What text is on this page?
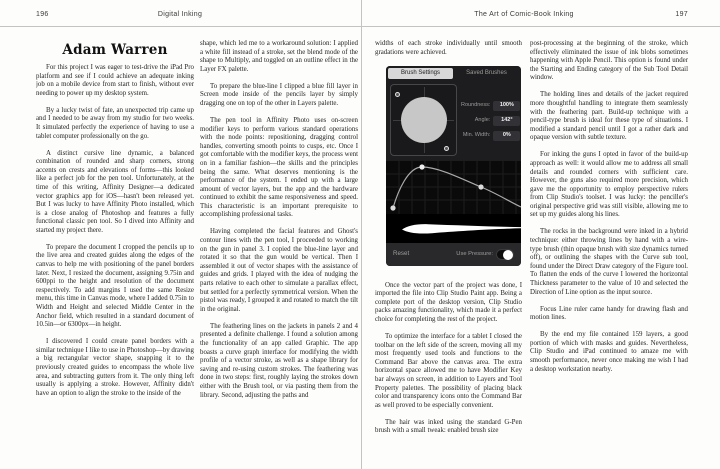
196	Digital Inking	The Art of Comic-Book Inking	197
Adam Warren

For this project I was eager to test-drive the iPad Pro platform and see if I could achieve an adequate inking job on a mobile device from start to finish, without ever needing to power up my desktop system.

By a lucky twist of fate, an unexpected trip came up and I needed to be away from my studio for two weeks. It simulated perfectly the experience of having to use a tablet computer professionally on the go.

A distinct cursive line dynamic, a balanced combination of rounded and sharp corners, strong accents on crests and elevations of forms—this looked like a perfect job for the pen tool. Unfortunately, at the time of this writing, Affinity Designer—a dedicated vector graphics app for iOS—hasn't been released yet. But I was lucky to have Affinity Photo installed, which is a close analog of Photoshop and features a fully functional classic pen tool. So I dived into Affinity and started my project there.

To prepare the document I cropped the pencils up to the live area and created guides along the edges of the canvas to help me with positioning of the panel borders later. Next, I resized the document, assigning 9.75in and 600ppi to the height and resolution of the document respectively. To add margins I used the same Resize menu, this time in Canvas mode, where I added 0.75in to Width and Height and selected Middle Center in the Anchor field, which resulted in a standard document of 10.5in—or 6300px—in height.

I discovered I could create panel borders with a similar technique I like to use in Photoshop—by drawing a big rectangular vector shape, snapping it to the previously created guides to encompass the whole live area, and subtracting gutters from it. The only thing left usually is applying a stroke. However, Affinity didn't have an option to align the stroke to the inside of the

shape, which led me to a workaround solution: I applied a white fill instead of a stroke, set the blend mode of the shape to Multiply, and toggled on an outline effect in the Layer FX palette.

To prepare the blue-line I clipped a blue fill layer in Screen mode inside of the pencils layer by simply dragging one on top of the other in Layers palette.

The pen tool in Affinity Photo uses on-screen modifier keys to perform various standard operations with the node points: repositioning, dragging control handles, converting smooth points to cusps, etc. Once I got comfortable with the modifier keys, the process went on in a familiar fashion—the skills and the principles being the same. What deserves mentioning is the performance of the system. I ended up with a large amount of vector layers, but the app and the hardware continued to exhibit the same responsiveness and speed. This characteristic is an important prerequisite to accomplishing professional tasks.

Having completed the facial features and Ghost's contour lines with the pen tool, I proceeded to working on the gun in panel 3. I copied the blue-line layer and rotated it so that the gun would be vertical. Then I assembled it out of vector shapes with the assistance of guides and grids. I played with the idea of nudging the parts relative to each other to simulate a parallax effect, but settled for a perfectly symmetrical version. When the pistol was ready, I grouped it and rotated to match the tilt in the original.

The feathering lines on the jackets in panels 2 and 4 presented a definite challenge. I found a solution among the functionality of an app called Graphic. The app boasts a curve graph interface for modifying the width profile of a vector stroke, as well as a shape library for saving and re-using custom strokes. The feathering was done in two steps: first, roughly laying the strokes down either with the Brush tool, or via pasting them from the library. Second, adjusting the paths and

widths of each stroke individually until smooth gradations were achieved.

Brush Settings	Saved Brushes
Roundness:	100%
Angle:	142°
Min. Width:	0%
Reset	Use Pressure:

Once the vector part of the project was done, I imported the file into Clip Studio Paint app. Being a complete port of the desktop version, Clip Studio packs amazing functionality, which made it a perfect choice for completing the rest of the project.

To optimize the interface for a tablet I closed the toolbar on the left side of the screen, moving all my most frequently used tools and functions to the Command Bar above the canvas area. The extra horizontal space allowed me to have Modifier Key bar always on screen, in addition to Layers and Tool Property palettes. The possibility of placing black color and transparency icons onto the Command Bar as well proved to be especially convenient.

The hair was inked using the standard G-Pen brush with a small tweak: enabled brush size

post-processing at the beginning of the stroke, which effectively eliminated the issue of ink blobs sometimes happening with Apple Pencil. This option is found under the Starting and Ending category of the Sub Tool Detail window.

The holding lines and details of the jacket required more thoughtful handling to integrate them seamlessly with the feathering part. Build-up technique with a pencil-type brush is ideal for these type of situations. I modified a standard pencil until I got a rather dark and opaque version with subtle texture.

For inking the guns I opted in favor of the build-up approach as well: it would allow me to address all small details and rounded corners with sufficient care. However, the guns also required more precision, which gave me the opportunity to employ perspective rulers from Clip Studio's toolset. I was lucky: the penciller's original perspective grid was still visible, allowing me to set up my guides along his lines.

The rocks in the background were inked in a hybrid technique: either throwing lines by hand with a wire-type brush (thin opaque brush with size dynamics turned off), or outlining the shapes with the Curve sub tool, found under the Direct Draw category of the Figure tool. To flatten the ends of the curve I lowered the horizontal Thickness parameter to the value of 10 and selected the Direction of Line option as the input source.

Focus Line ruler came handy for drawing flash and motion lines.

By the end my file contained 159 layers, a good portion of which with masks and guides. Nevertheless, Clip Studio and iPad continued to amaze me with smooth performance, never once making me wish I had a desktop workstation nearby.
